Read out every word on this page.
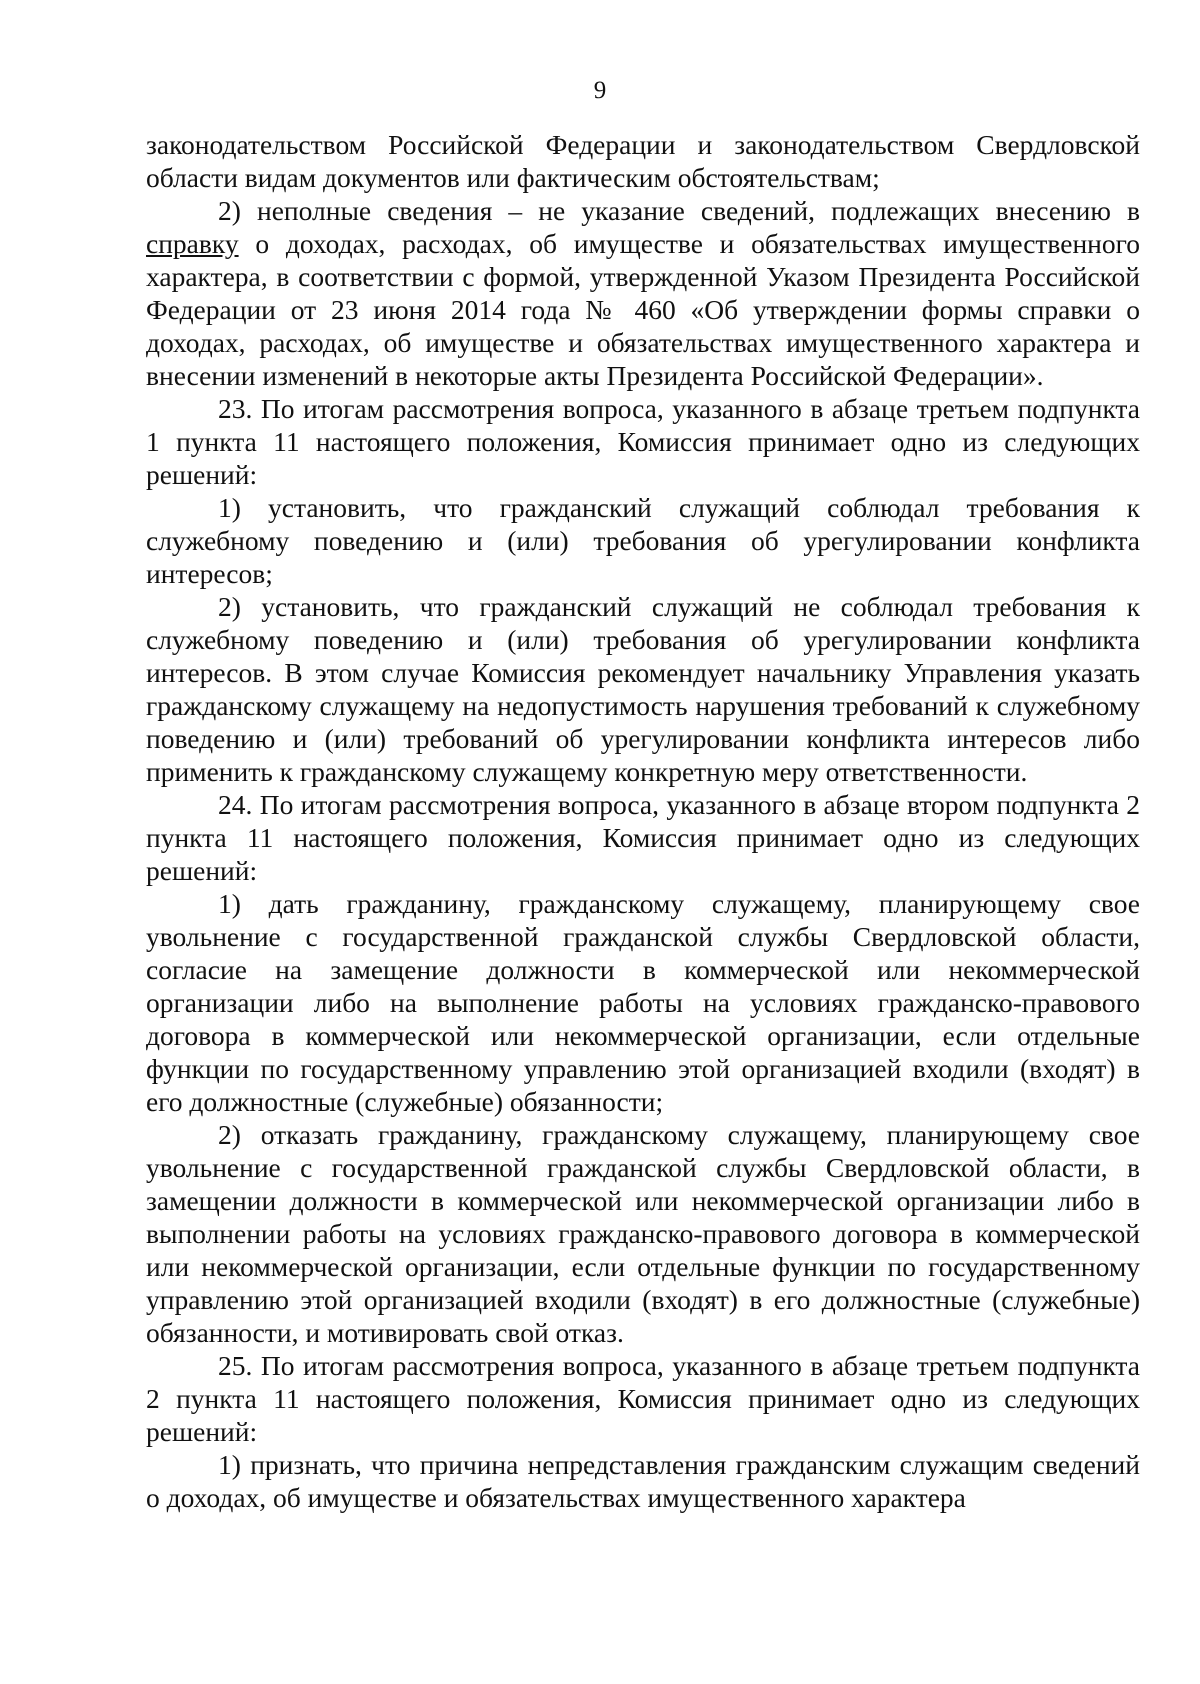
9

законодательством Российской Федерации и законодательством Свердловской области видам документов или фактическим обстоятельствам;

2) неполные сведения – не указание сведений, подлежащих внесению в справку о доходах, расходах, об имуществе и обязательствах имущественного характера, в соответствии с формой, утвержденной Указом Президента Российской Федерации от 23 июня 2014 года № 460 «Об утверждении формы справки о доходах, расходах, об имуществе и обязательствах имущественного характера и внесении изменений в некоторые акты Президента Российской Федерации».

23. По итогам рассмотрения вопроса, указанного в абзаце третьем подпункта 1 пункта 11 настоящего положения, Комиссия принимает одно из следующих решений:

1) установить, что гражданский служащий соблюдал требования к служебному поведению и (или) требования об урегулировании конфликта интересов;

2) установить, что гражданский служащий не соблюдал требования к служебному поведению и (или) требования об урегулировании конфликта интересов. В этом случае Комиссия рекомендует начальнику Управления указать гражданскому служащему на недопустимость нарушения требований к служебному поведению и (или) требований об урегулировании конфликта интересов либо применить к гражданскому служащему конкретную меру ответственности.

24. По итогам рассмотрения вопроса, указанного в абзаце втором подпункта 2 пункта 11 настоящего положения, Комиссия принимает одно из следующих решений:

1) дать гражданину, гражданскому служащему, планирующему свое увольнение с государственной гражданской службы Свердловской области, согласие на замещение должности в коммерческой или некоммерческой организации либо на выполнение работы на условиях гражданско-правового договора в коммерческой или некоммерческой организации, если отдельные функции по государственному управлению этой организацией входили (входят) в его должностные (служебные) обязанности;

2) отказать гражданину, гражданскому служащему, планирующему свое увольнение с государственной гражданской службы Свердловской области, в замещении должности в коммерческой или некоммерческой организации либо в выполнении работы на условиях гражданско-правового договора в коммерческой или некоммерческой организации, если отдельные функции по государственному управлению этой организацией входили (входят) в его должностные (служебные) обязанности, и мотивировать свой отказ.

25. По итогам рассмотрения вопроса, указанного в абзаце третьем подпункта 2 пункта 11 настоящего положения, Комиссия принимает одно из следующих решений:

1) признать, что причина непредставления гражданским служащим сведений о доходах, об имуществе и обязательствах имущественного характера
